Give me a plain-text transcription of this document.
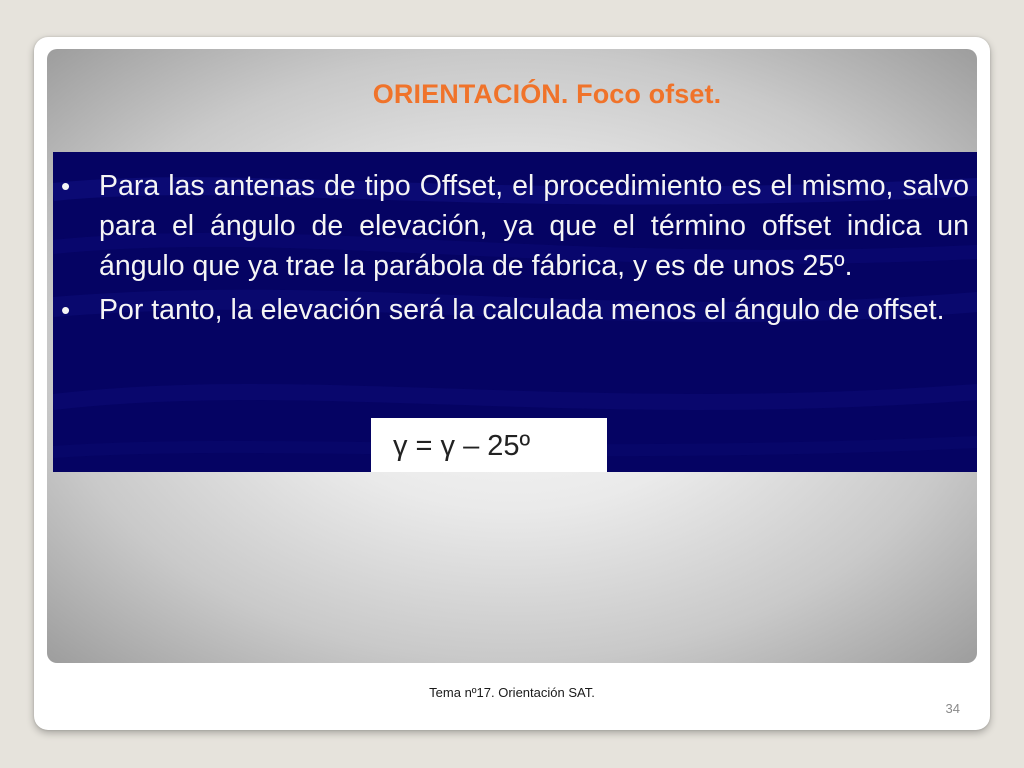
ORIENTACIÓN. Foco ofset.
•	Para las antenas de tipo Offset, el procedimiento es el mismo, salvo para el ángulo de elevación, ya que el término offset indica un ángulo que ya trae la parábola de fábrica, y es de unos 25º.
•	Por tanto, la elevación será la calculada menos el ángulo de offset.
γ = γ – 25º
Tema nº17. Orientación SAT.
34
